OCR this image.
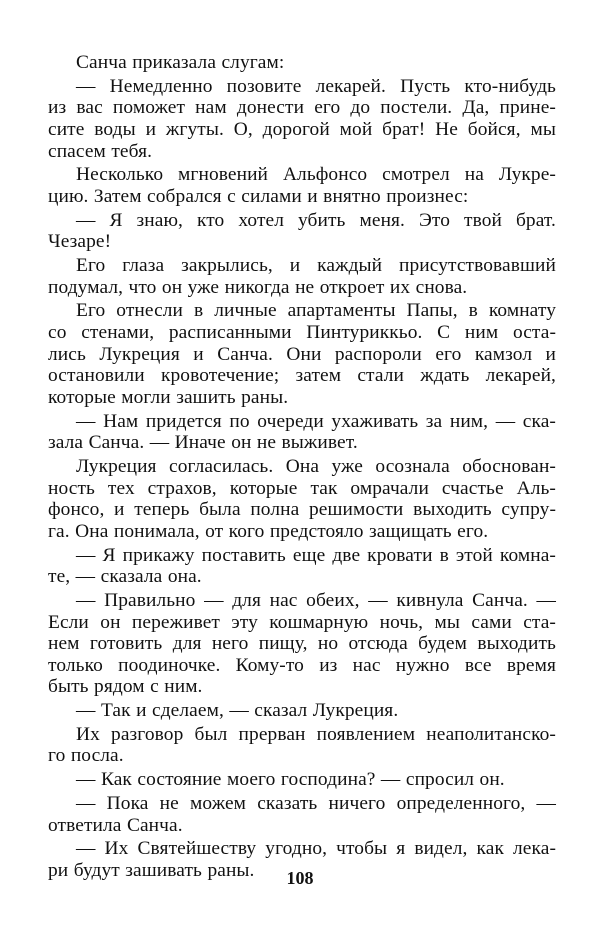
Санча приказала слугам:
— Немедленно позовите лекарей. Пусть кто-нибудь
из вас поможет нам донести его до постели. Да, прине-
сите воды и жгуты. О, дорогой мой брат! Не бойся, мы
спасем тебя.
Несколько мгновений Альфонсо смотрел на Лукре-
цию. Затем собрался с силами и внятно произнес:
— Я знаю, кто хотел убить меня. Это твой брат.
Чезаре!
Его глаза закрылись, и каждый присутствовавший
подумал, что он уже никогда не откроет их снова.
Его отнесли в личные апартаменты Папы, в комнату
со стенами, расписанными Пинтуриккьо. С ним оста-
лись Лукреция и Санча. Они распороли его камзол и
остановили кровотечение; затем стали ждать лекарей,
которые могли зашить раны.
— Нам придется по очереди ухаживать за ним, — ска-
зала Санча. — Иначе он не выживет.
Лукреция согласилась. Она уже осознала обоснован-
ность тех страхов, которые так омрачали счастье Аль-
фонсо, и теперь была полна решимости выходить супру-
га. Она понимала, от кого предстояло защищать его.
— Я прикажу поставить еще две кровати в этой комна-
те, — сказала она.
— Правильно — для нас обеих, — кивнула Санча. —
Если он переживет эту кошмарную ночь, мы сами ста-
нем готовить для него пищу, но отсюда будем выходить
только поодиночке. Кому-то из нас нужно все время
быть рядом с ним.
— Так и сделаем, — сказал Лукреция.
Их разговор был прерван появлением неаполитанско-
го посла.
— Как состояние моего господина? — спросил он.
— Пока не можем сказать ничего определенного, —
ответила Санча.
— Их Святейшеству угодно, чтобы я видел, как лека-
ри будут зашивать раны.	108
